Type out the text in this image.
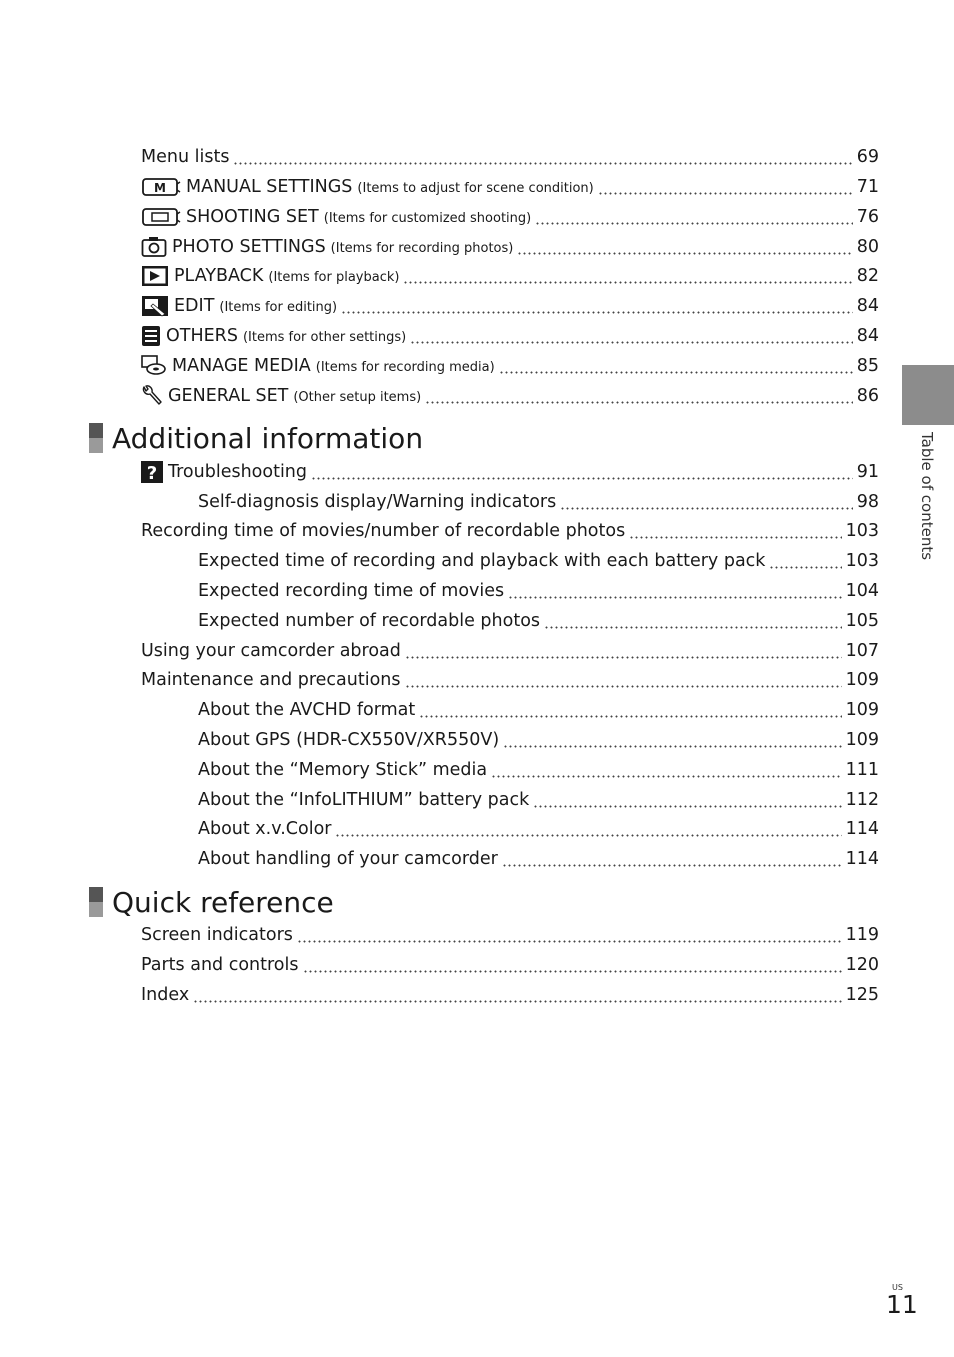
Menu lists	69
M MANUAL SETTINGS (Items to adjust for scene condition)	71
SHOOTING SET (Items for customized shooting)	76
PHOTO SETTINGS (Items for recording photos)	80
PLAYBACK (Items for playback)	82
EDIT (Items for editing)	84
OTHERS (Items for other settings)	84
MANAGE MEDIA (Items for recording media)	85
GENERAL SET (Other setup items)	86
Additional information
? Troubleshooting	91
Self-diagnosis display/Warning indicators	98
Recording time of movies/number of recordable photos	103
Expected time of recording and playback with each battery pack	103
Expected recording time of movies	104
Expected number of recordable photos	105
Using your camcorder abroad	107
Maintenance and precautions	109
About the AVCHD format	109
About GPS (HDR-CX550V/XR550V)	109
About the “Memory Stick” media	111
About the “InfoLITHIUM” battery pack	112
About x.v.Color	114
About handling of your camcorder	114
Quick reference
Screen indicators	119
Parts and controls	120
Index	125
Table of contents
US
11
